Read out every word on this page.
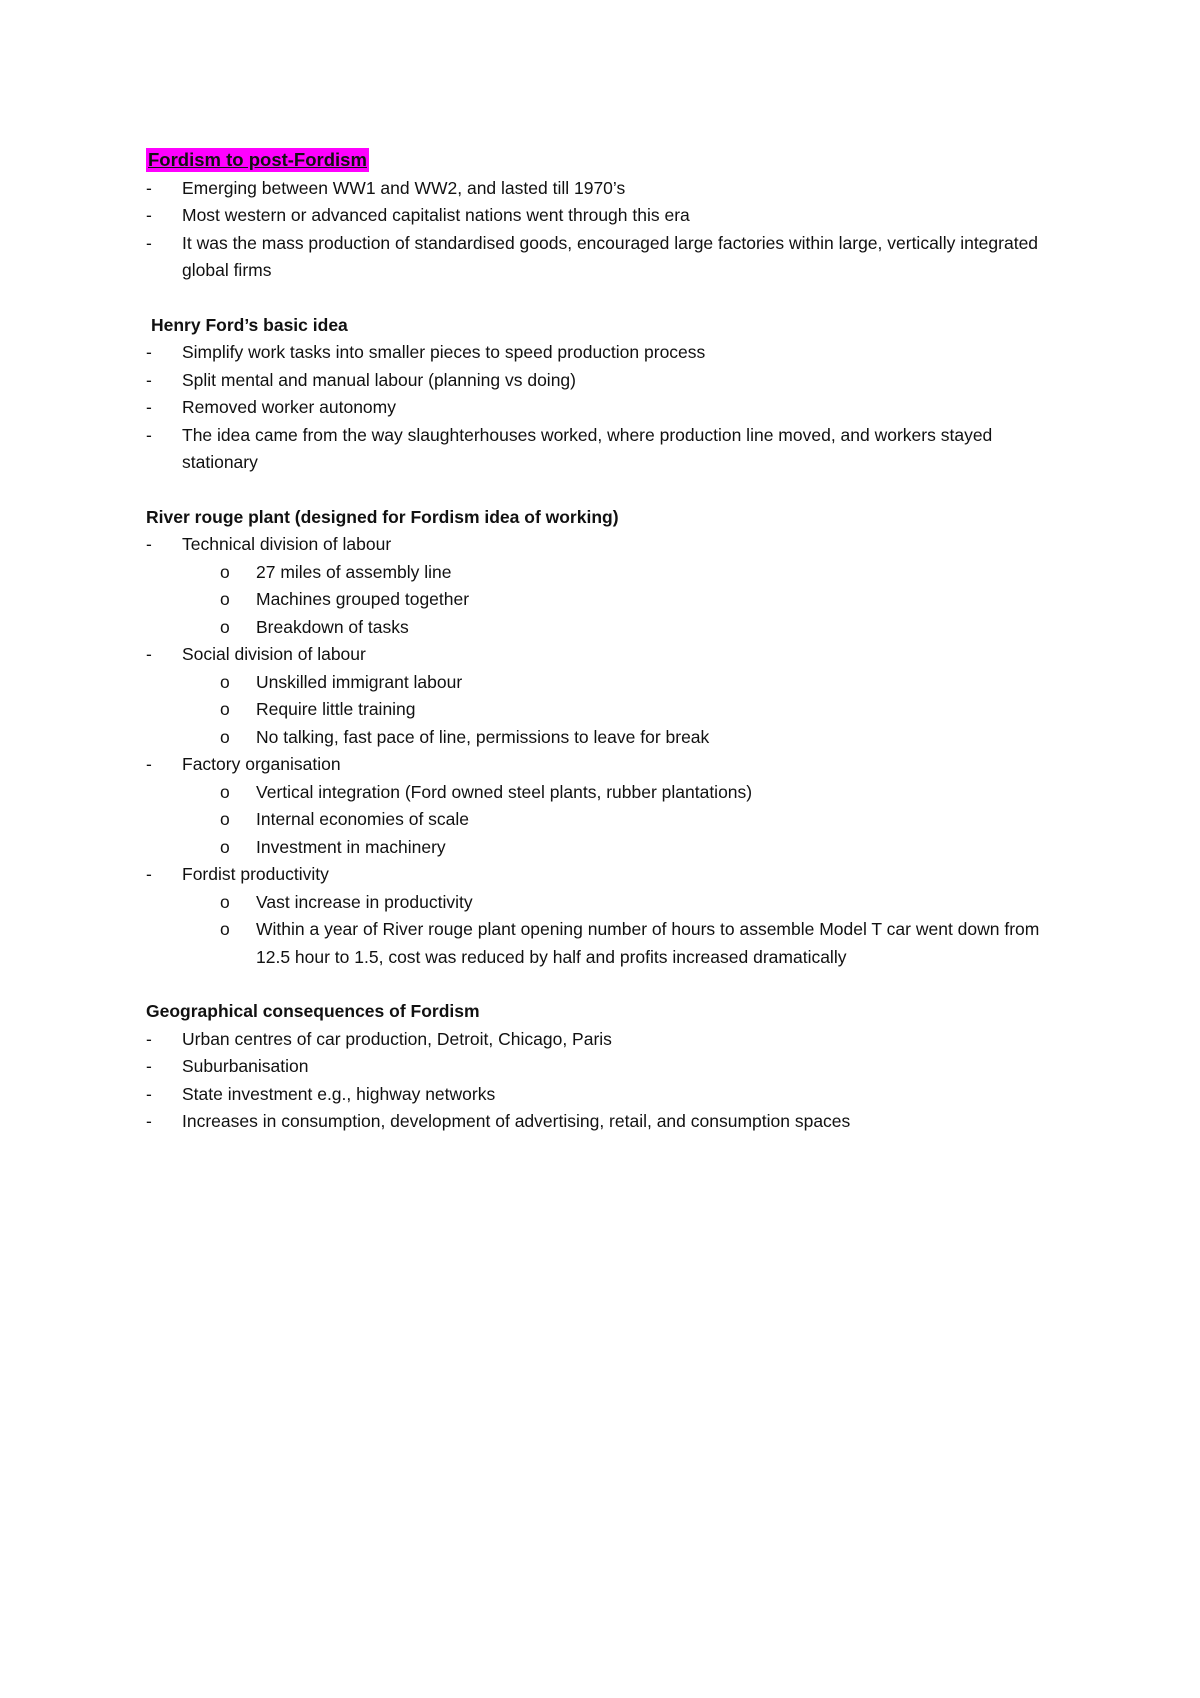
Fordism to post-Fordism
-	Emerging between WW1 and WW2, and lasted till 1970’s
-	Most western or advanced capitalist nations went through this era
-	It was the mass production of standardised goods, encouraged large factories within large, vertically integrated global firms
Henry Ford’s basic idea
-	Simplify work tasks into smaller pieces to speed production process
-	Split mental and manual labour (planning vs doing)
-	Removed worker autonomy
-	The idea came from the way slaughterhouses worked, where production line moved, and workers stayed stationary
River rouge plant (designed for Fordism idea of working)
-	Technical division of labour
o	27 miles of assembly line
o	Machines grouped together
o	Breakdown of tasks
-	Social division of labour
o	Unskilled immigrant labour
o	Require little training
o	No talking, fast pace of line, permissions to leave for break
-	Factory organisation
o	Vertical integration (Ford owned steel plants, rubber plantations)
o	Internal economies of scale
o	Investment in machinery
-	Fordist productivity
o	Vast increase in productivity
o	Within a year of River rouge plant opening number of hours to assemble Model T car went down from 12.5 hour to 1.5, cost was reduced by half and profits increased dramatically
Geographical consequences of Fordism
-	Urban centres of car production, Detroit, Chicago, Paris
-	Suburbanisation
-	State investment e.g., highway networks
-	Increases in consumption, development of advertising, retail, and consumption spaces
